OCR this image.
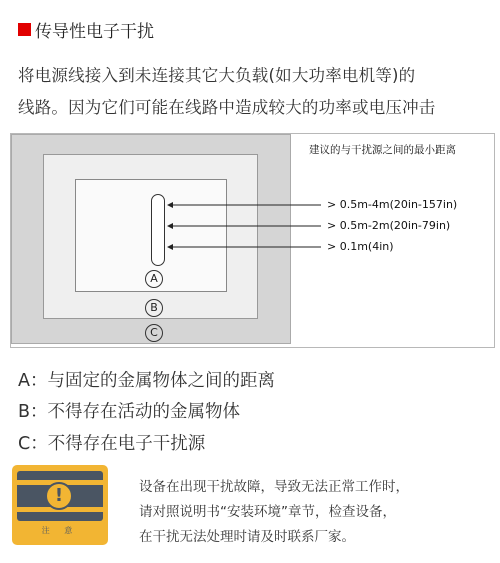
传导性电子干扰
将电源线接入到未连接其它大负载(如大功率电机等)的
线路。因为它们可能在线路中造成较大的功率或电压冲击
A
B
C
建议的与干扰源之间的最小距离
> 0.5m-4m(20in-157in)
> 0.5m-2m(20in-79in)
> 0.1m(4in)
A：与固定的金属物体之间的距离
B：不得存在活动的金属物体
C：不得存在电子干扰源
!
注 意
设备在出现干扰故障，导致无法正常工作时，
请对照说明书“安装环境”章节，检查设备，
在干扰无法处理时请及时联系厂家。
